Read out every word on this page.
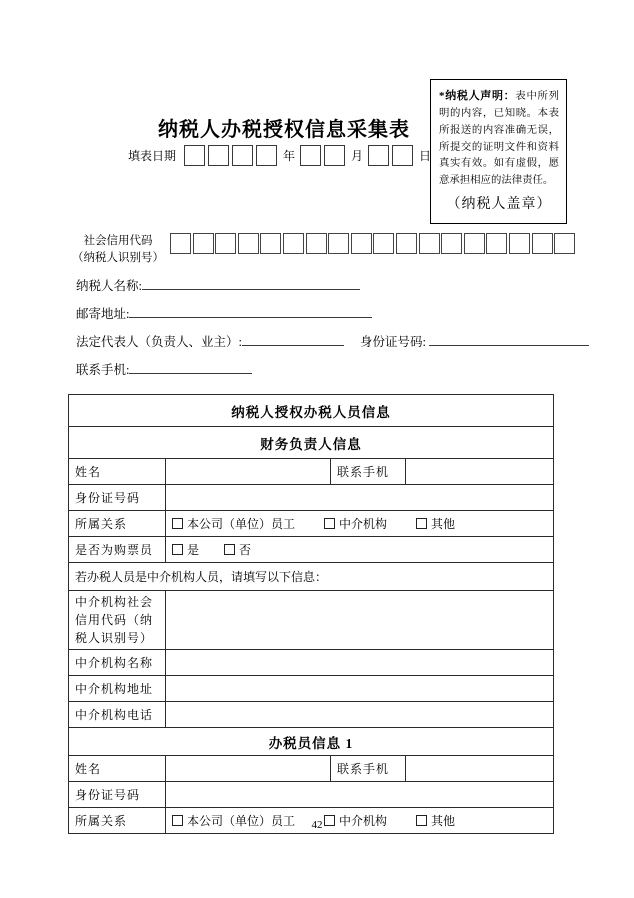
纳税人办税授权信息采集表
填表日期	年	月	日

*纳税人声明：表中所列明的内容，已知晓。本表所报送的内容准确无误，所提交的证明文件和资料真实有效。如有虚假，愿意承担相应的法律责任。

（纳税人盖章）
社会信用代码
（纳税人识别号）
纳税人名称:
邮寄地址:
法定代表人（负责人、业主）:	身份证号码:
联系手机:
纳税人授权办税人员信息			
财务负责人信息			
姓名		联系手机	
身份证号码			
所属关系	本公司（单位）员工 中介机构 其他		
是否为购票员	是 否		
若办税人员是中介机构人员，请填写以下信息：			
中介机构社会信用代码（纳税人识别号）			
中介机构名称			
中介机构地址			
中介机构电话			
办税员信息 1			
姓名		联系手机	
身份证号码			
所属关系	本公司（单位）员工 中介机构 其他		
42
